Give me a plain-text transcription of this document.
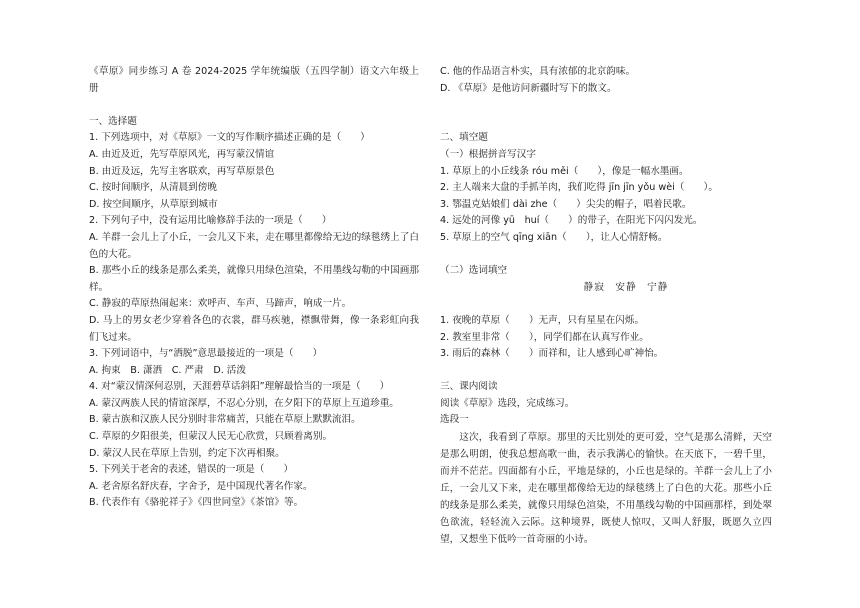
《草原》同步练习 A 卷 2024-2025 学年统编版（五四学制）语文六年级上册
一、选择题
1. 下列选项中，对《草原》一文的写作顺序描述正确的是（　　）
A. 由近及近，先写草原风光，再写蒙汉情谊
B. 由近及远，先写主客联欢，再写草原景色
C. 按时间顺序，从清晨到傍晚
D. 按空间顺序，从草原到城市
2. 下列句子中，没有运用比喻修辞手法的一项是（　　）
A. 羊群一会儿上了小丘，一会儿又下来，走在哪里都像给无边的绿毯绣上了白色的大花。
B. 那些小丘的线条是那么柔美，就像只用绿色渲染，不用墨线勾勒的中国画那样。
C. 静寂的草原热闹起来：欢呼声、车声、马蹄声，响成一片。
D. 马上的男女老少穿着各色的衣裳，群马疾驰，襟飘带舞，像一条彩虹向我们飞过来。
3. 下列词语中，与“洒脱”意思最接近的一项是（　　）
A. 拘束　B. 潇洒　C. 严肃　D. 活泼
4. 对“蒙汉情深何忍别，天涯碧草话斜阳”理解最恰当的一项是（　　）
A. 蒙汉两族人民的情谊深厚，不忍心分别，在夕阳下的草原上互道珍重。
B. 蒙古族和汉族人民分别时非常痛苦，只能在草原上默默流泪。
C. 草原的夕阳很美，但蒙汉人民无心欣赏，只顾着离别。
D. 蒙汉人民在草原上告别，约定下次再相聚。
5. 下列关于老舍的表述，错误的一项是（　　）
A. 老舍原名舒庆春，字舍予，是中国现代著名作家。
B. 代表作有《骆驼祥子》《四世同堂》《茶馆》等。
C. 他的作品语言朴实，具有浓郁的北京韵味。
D. 《草原》是他访问新疆时写下的散文。
二、填空题
（一）根据拼音写汉字
1. 草原上的小丘线条 róu měi（　　），像是一幅水墨画。
2. 主人端来大盘的手抓羊肉，我们吃得 jīn jīn yǒu wèi（　　）。
3. 鄂温克姑娘们 dài zhe（　　）尖尖的帽子，唱着民歌。
4. 远处的河像 yū　huí（　　）的带子，在阳光下闪闪发光。
5. 草原上的空气 qīng xiān（　　），让人心情舒畅。
（二）选词填空
静寂　安静　宁静
1. 夜晚的草原（　　）无声，只有星星在闪烁。
2. 教室里非常（　　），同学们都在认真写作业。
3. 雨后的森林（　　）而祥和，让人感到心旷神怡。
三、课内阅读
阅读《草原》选段，完成练习。
选段一
这次，我看到了草原。那里的天比别处的更可爱，空气是那么清鲜，天空是那么明朗，使我总想高歌一曲，表示我满心的愉快。在天底下，一碧千里，而并不茫茫。四面都有小丘，平地是绿的，小丘也是绿的。羊群一会儿上了小丘，一会儿又下来，走在哪里都像给无边的绿毯绣上了白色的大花。那些小丘的线条是那么柔美，就像只用绿色渲染，不用墨线勾勒的中国画那样，到处翠色欲流，轻轻流入云际。这种境界，既使人惊叹，又叫人舒服，既愿久立四望，又想坐下低吟一首奇丽的小诗。
